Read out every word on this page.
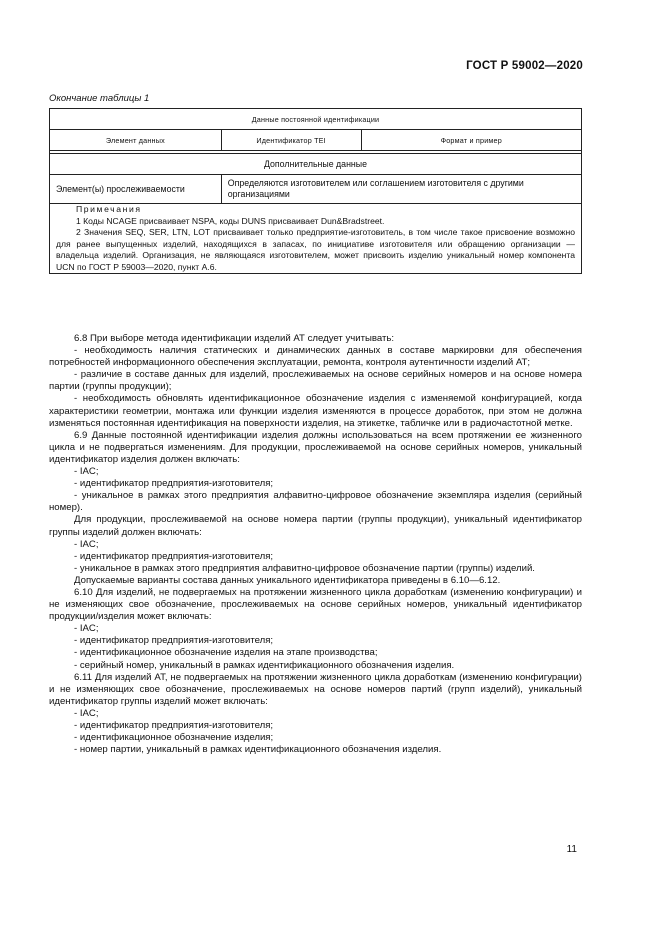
ГОСТ Р 59002—2020
Окончание таблицы 1
Данные постоянной идентификации		
Элемент данных	Идентификатор TEI	Формат и пример

Дополнительные данные		
Элемент(ы) прослеживаемости	Определяются изготовителем или соглашением изготовителя с другими организациями	

Примечания
1 Коды NCAGE присваивает NSPA, коды DUNS присваивает Dun&Bradstreet.
2 Значения SEQ, SER, LTN, LOT присваивает только предприятие-изготовитель, в том числе такое присвоение возможно для ранее выпущенных изделий, находящихся в запасах, по инициативе изготовителя или обращению организации — владельца изделий. Организация, не являющаяся изготовителем, может присвоить изделию уникальный номер компонента UCN по ГОСТ Р 59003—2020, пункт А.6.		

6.8 При выборе метода идентификации изделий АТ следует учитывать:

- необходимость наличия статических и динамических данных в составе маркировки для обеспечения потребностей информационного обеспечения эксплуатации, ремонта, контроля аутентичности изделий АТ;

- различие в составе данных для изделий, прослеживаемых на основе серийных номеров и на основе номера партии (группы продукции);

- необходимость обновлять идентификационное обозначение изделия с изменяемой конфигурацией, когда характеристики геометрии, монтажа или функции изделия изменяются в процессе доработок, при этом не должна изменяться постоянная идентификация на поверхности изделия, на этикетке, табличке или в радиочастотной метке.

6.9 Данные постоянной идентификации изделия должны использоваться на всем протяжении ее жизненного цикла и не подвергаться изменениям. Для продукции, прослеживаемой на основе серийных номеров, уникальный идентификатор изделия должен включать:

- IAC;

- идентификатор предприятия-изготовителя;

- уникальное в рамках этого предприятия алфавитно-цифровое обозначение экземпляра изделия (серийный номер).

Для продукции, прослеживаемой на основе номера партии (группы продукции), уникальный идентификатор группы изделий должен включать:

- IAC;

- идентификатор предприятия-изготовителя;

- уникальное в рамках этого предприятия алфавитно-цифровое обозначение партии (группы) изделий.

Допускаемые варианты состава данных уникального идентификатора приведены в 6.10—6.12.

6.10 Для изделий, не подвергаемых на протяжении жизненного цикла доработкам (изменению конфигурации) и не изменяющих свое обозначение, прослеживаемых на основе серийных номеров, уникальный идентификатор продукции/изделия может включать:

- IAC;

- идентификатор предприятия-изготовителя;

- идентификационное обозначение изделия на этапе производства;

- серийный номер, уникальный в рамках идентификационного обозначения изделия.

6.11 Для изделий АТ, не подвергаемых на протяжении жизненного цикла доработкам (изменению конфигурации) и не изменяющих свое обозначение, прослеживаемых на основе номеров партий (групп изделий), уникальный идентификатор группы изделий может включать:

- IAC;

- идентификатор предприятия-изготовителя;

- идентификационное обозначение изделия;

- номер партии, уникальный в рамках идентификационного обозначения изделия.

11
